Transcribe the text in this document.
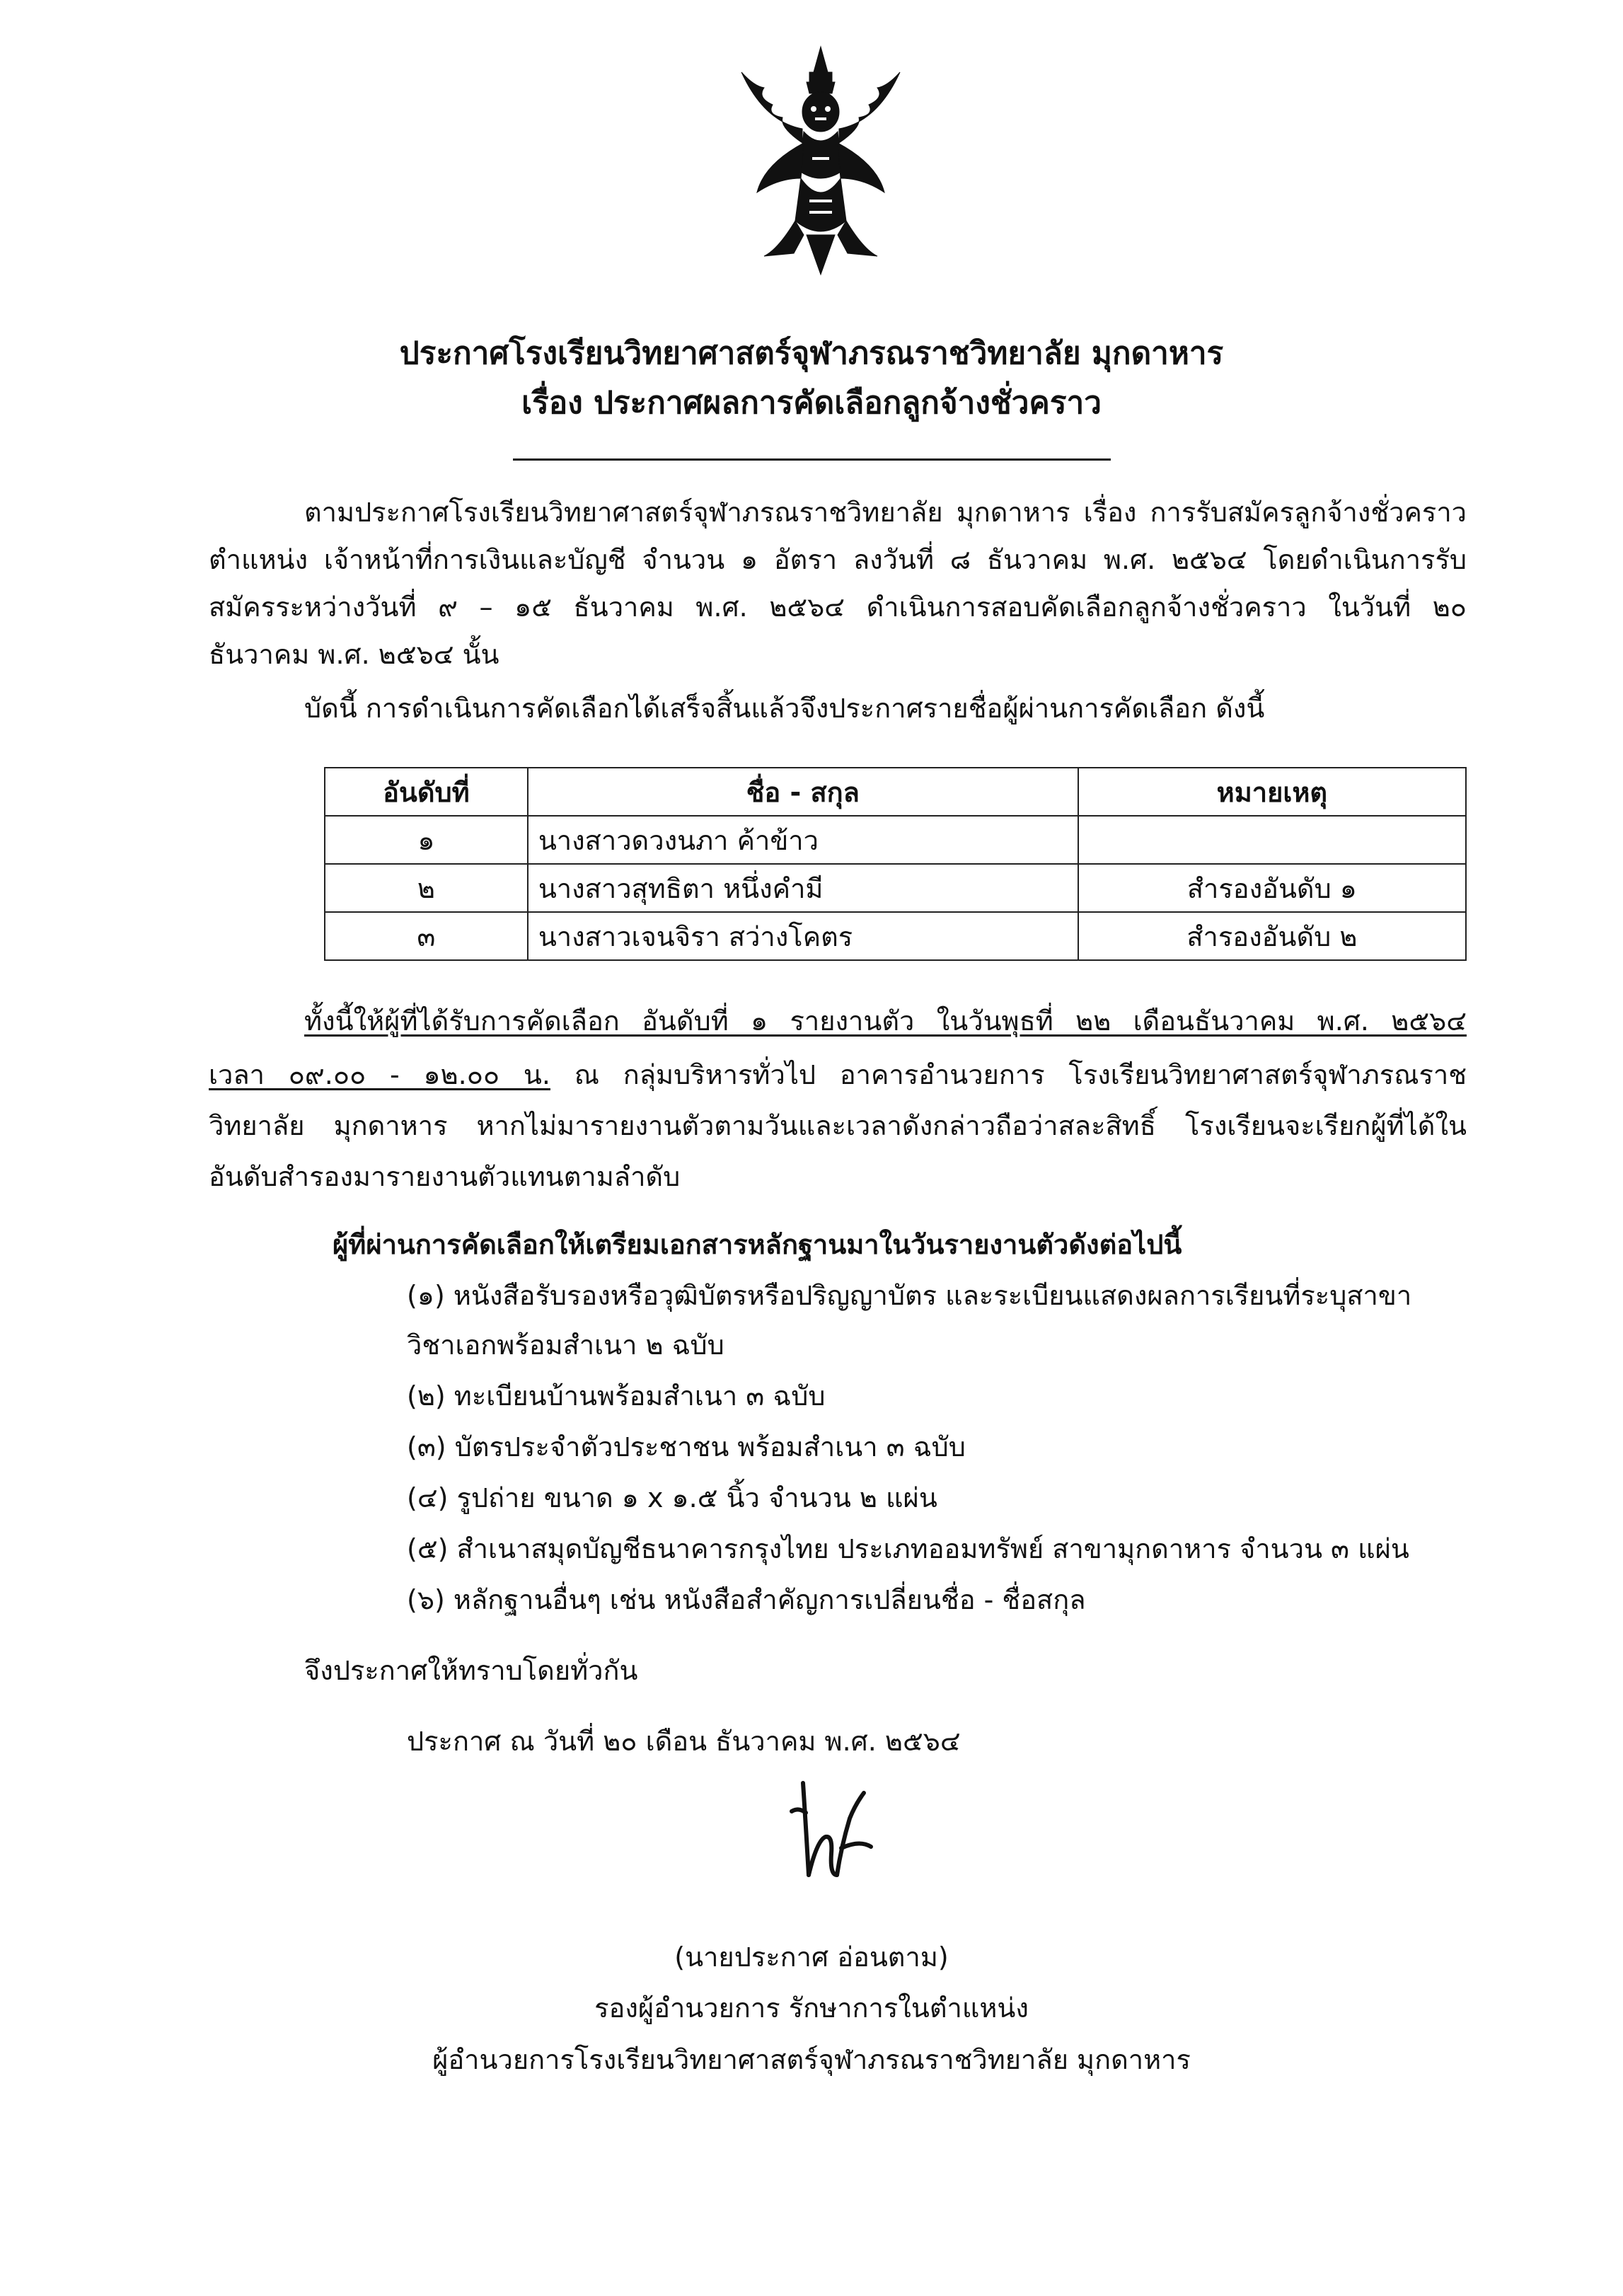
ประกาศโรงเรียนวิทยาศาสตร์จุฬาภรณราชวิทยาลัย มุกดาหาร
เรื่อง ประกาศผลการคัดเลือกลูกจ้างชั่วคราว
ตามประกาศโรงเรียนวิทยาศาสตร์จุฬาภรณราชวิทยาลัย มุกดาหาร เรื่อง การรับสมัครลูกจ้างชั่วคราว
ตำแหน่ง เจ้าหน้าที่การเงินและบัญชี จำนวน ๑ อัตรา ลงวันที่ ๘ ธันวาคม พ.ศ. ๒๕๖๔ โดยดำเนินการรับ
สมัครระหว่างวันที่ ๙ – ๑๕ ธันวาคม พ.ศ. ๒๕๖๔ ดำเนินการสอบคัดเลือกลูกจ้างชั่วคราว ในวันที่ ๒๐
ธันวาคม พ.ศ. ๒๕๖๔ นั้น
บัดนี้ การดำเนินการคัดเลือกได้เสร็จสิ้นแล้วจึงประกาศรายชื่อผู้ผ่านการคัดเลือก ดังนี้
อันดับที่	ชื่อ - สกุล	หมายเหตุ
๑	นางสาวดวงนภา ค้าข้าว	
๒	นางสาวสุทธิตา หนึ่งคำมี	สำรองอันดับ ๑
๓	นางสาวเจนจิรา สว่างโคตร	สำรองอันดับ ๒
ทั้งนี้ให้ผู้ที่ได้รับการคัดเลือก อันดับที่ ๑ รายงานตัว ในวันพุธที่ ๒๒ เดือนธันวาคม พ.ศ. ๒๕๖๔
เวลา ๐๙.๐๐ - ๑๒.๐๐ น. ณ กลุ่มบริหารทั่วไป อาคารอำนวยการ โรงเรียนวิทยาศาสตร์จุฬาภรณราช
วิทยาลัย มุกดาหาร หากไม่มารายงานตัวตามวันและเวลาดังกล่าวถือว่าสละสิทธิ์ โรงเรียนจะเรียกผู้ที่ได้ใน
อันดับสำรองมารายงานตัวแทนตามลำดับ
ผู้ที่ผ่านการคัดเลือกให้เตรียมเอกสารหลักฐานมาในวันรายงานตัวดังต่อไปนี้
(๑) หนังสือรับรองหรือวุฒิบัตรหรือปริญญาบัตร และระเบียนแสดงผลการเรียนที่ระบุสาขา
วิชาเอกพร้อมสำเนา ๒ ฉบับ
(๒) ทะเบียนบ้านพร้อมสำเนา ๓ ฉบับ
(๓) บัตรประจำตัวประชาชน พร้อมสำเนา ๓ ฉบับ
(๔) รูปถ่าย ขนาด ๑ x ๑.๕ นิ้ว จำนวน ๒ แผ่น
(๕) สำเนาสมุดบัญชีธนาคารกรุงไทย ประเภทออมทรัพย์ สาขามุกดาหาร จำนวน ๓ แผ่น
(๖) หลักฐานอื่นๆ เช่น หนังสือสำคัญการเปลี่ยนชื่อ - ชื่อสกุล
จึงประกาศให้ทราบโดยทั่วกัน
ประกาศ ณ วันที่ ๒๐ เดือน ธันวาคม พ.ศ. ๒๕๖๔
(นายประกาศ อ่อนตาม)
รองผู้อำนวยการ รักษาการในตำแหน่ง
ผู้อำนวยการโรงเรียนวิทยาศาสตร์จุฬาภรณราชวิทยาลัย มุกดาหาร
